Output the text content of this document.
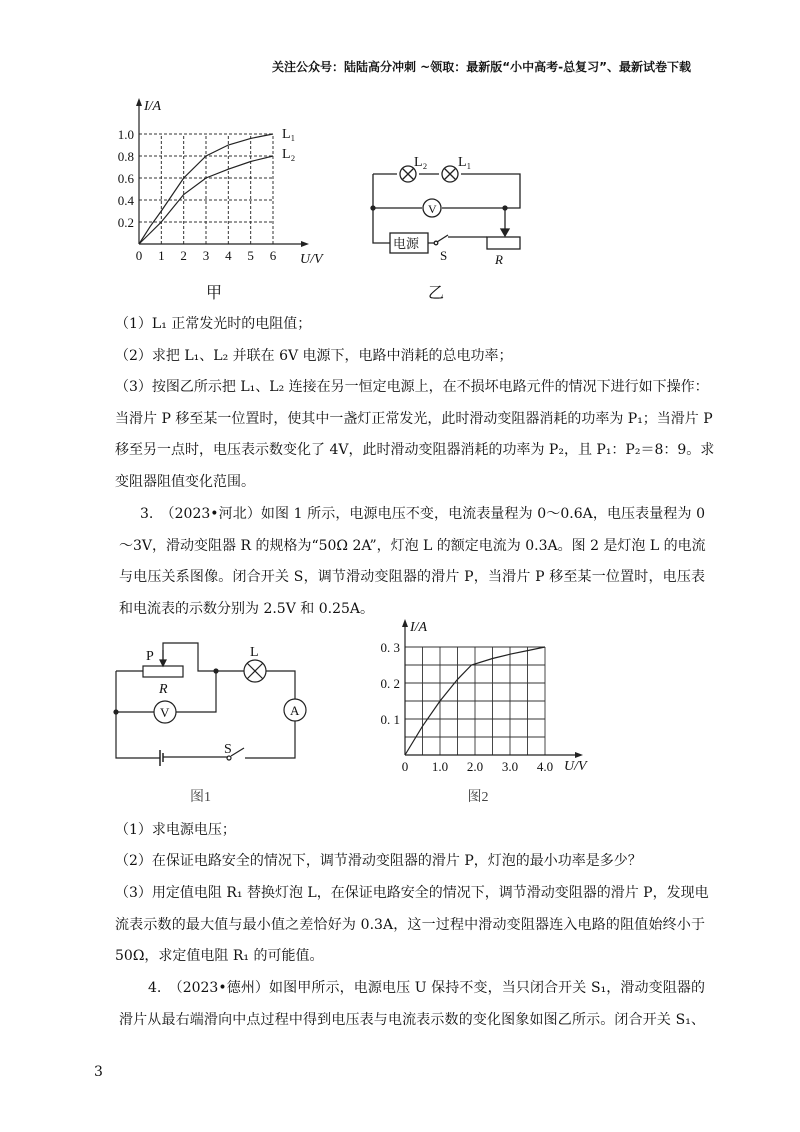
关注公众号：陆陆高分冲刺 ~领取：最新版“小中高考-总复习”、最新试卷下载
0 1 2 3 4 5 6
0.2
0.4
0.6
0.8
1.0
U/V
I/A
L₁
L₂
甲
L₂ L₁
V
电源
S	R
乙
（1）L₁ 正常发光时的电阻值；
（2）求把 L₁、L₂ 并联在 6V 电源下，电路中消耗的总电功率；
（3）按图乙所示把 L₁、L₂ 连接在另一恒定电源上，在不损坏电路元件的情况下进行如下操作：
当滑片 P 移至某一位置时，使其中一盏灯正常发光，此时滑动变阻器消耗的功率为 P₁；当滑片 P
移至另一点时，电压表示数变化了 4V，此时滑动变阻器消耗的功率为 P₂，且 P₁：P₂＝8：9。求
变阻器阻值变化范围。
3.　（2023•河北）如图 1 所示，电源电压不变，电流表量程为 0～0.6A，电压表量程为 0
～3V，滑动变阻器 R 的规格为“50Ω 2A”，灯泡 L 的额定电流为 0.3A。图 2 是灯泡 L 的电流
与电压关系图像。闭合开关 S，调节滑动变阻器的滑片 P，当滑片 P 移至某一位置时，电压表
和电流表的示数分别为 2.5V 和 0.25A。
P
R
L
V	A
S
图1
0 1.0 2.0 3.0 4.0
0. 1
0. 2
0. 3
U/V
I/A
图2
（1）求电源电压；
（2）在保证电路安全的情况下，调节滑动变阻器的滑片 P，灯泡的最小功率是多少？
（3）用定值电阻 R₁ 替换灯泡 L，在保证电路安全的情况下，调节滑动变阻器的滑片 P，发现电
流表示数的最大值与最小值之差恰好为 0.3A，这一过程中滑动变阻器连入电路的阻值始终小于
50Ω，求定值电阻 R₁ 的可能值。
4.　（2023•德州）如图甲所示，电源电压 U 保持不变，当只闭合开关 S₁，滑动变阻器的
滑片从最右端滑向中点过程中得到电压表与电流表示数的变化图象如图乙所示。闭合开关 S₁、
3
